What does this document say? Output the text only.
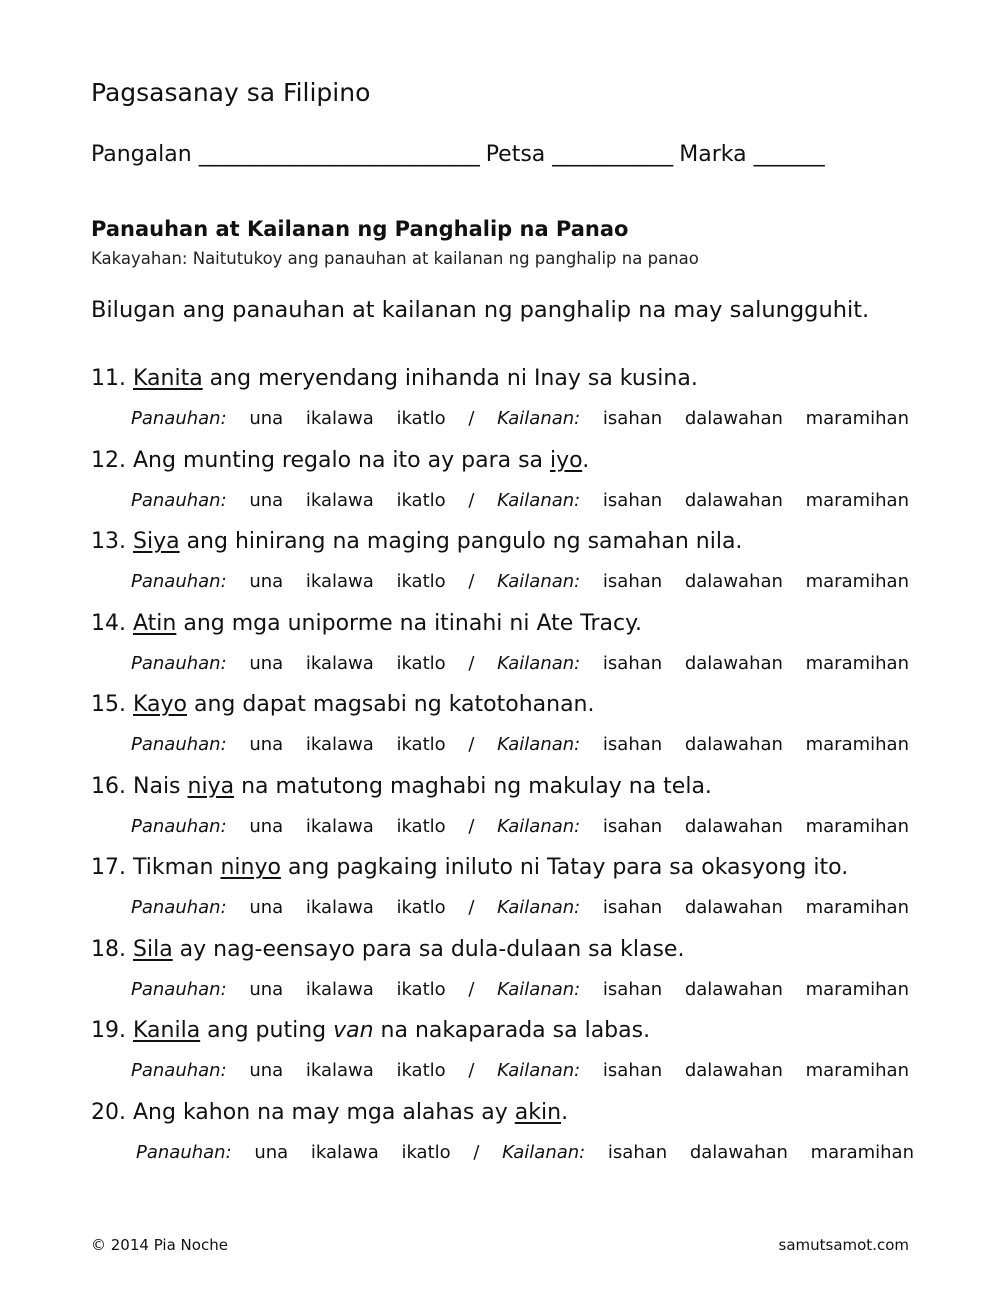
Pagsasanay sa Filipino
Pangalan ____________________________ Petsa ____________ Marka _______
Panauhan at Kailanan ng Panghalip na Panao
Kakayahan: Naitutukoy ang panauhan at kailanan ng panghalip na panao
Bilugan ang panauhan at kailanan ng panghalip na may salungguhit.
11. Kanita ang meryendang inihanda ni Inay sa kusina.
Panauhan: una ikalawa ikatlo / Kailanan: isahan dalawahan maramihan
12. Ang munting regalo na ito ay para sa iyo.
Panauhan: una ikalawa ikatlo / Kailanan: isahan dalawahan maramihan
13. Siya ang hinirang na maging pangulo ng samahan nila.
Panauhan: una ikalawa ikatlo / Kailanan: isahan dalawahan maramihan
14. Atin ang mga uniporme na itinahi ni Ate Tracy.
Panauhan: una ikalawa ikatlo / Kailanan: isahan dalawahan maramihan
15. Kayo ang dapat magsabi ng katotohanan.
Panauhan: una ikalawa ikatlo / Kailanan: isahan dalawahan maramihan
16. Nais niya na matutong maghabi ng makulay na tela.
Panauhan: una ikalawa ikatlo / Kailanan: isahan dalawahan maramihan
17. Tikman ninyo ang pagkaing iniluto ni Tatay para sa okasyong ito.
Panauhan: una ikalawa ikatlo / Kailanan: isahan dalawahan maramihan
18. Sila ay nag-eensayo para sa dula-dulaan sa klase.
Panauhan: una ikalawa ikatlo / Kailanan: isahan dalawahan maramihan
19. Kanila ang puting van na nakaparada sa labas.
Panauhan: una ikalawa ikatlo / Kailanan: isahan dalawahan maramihan
20. Ang kahon na may mga alahas ay akin.
Panauhan: una ikalawa ikatlo / Kailanan: isahan dalawahan maramihan
© 2014 Pia Noche	samutsamot.com
